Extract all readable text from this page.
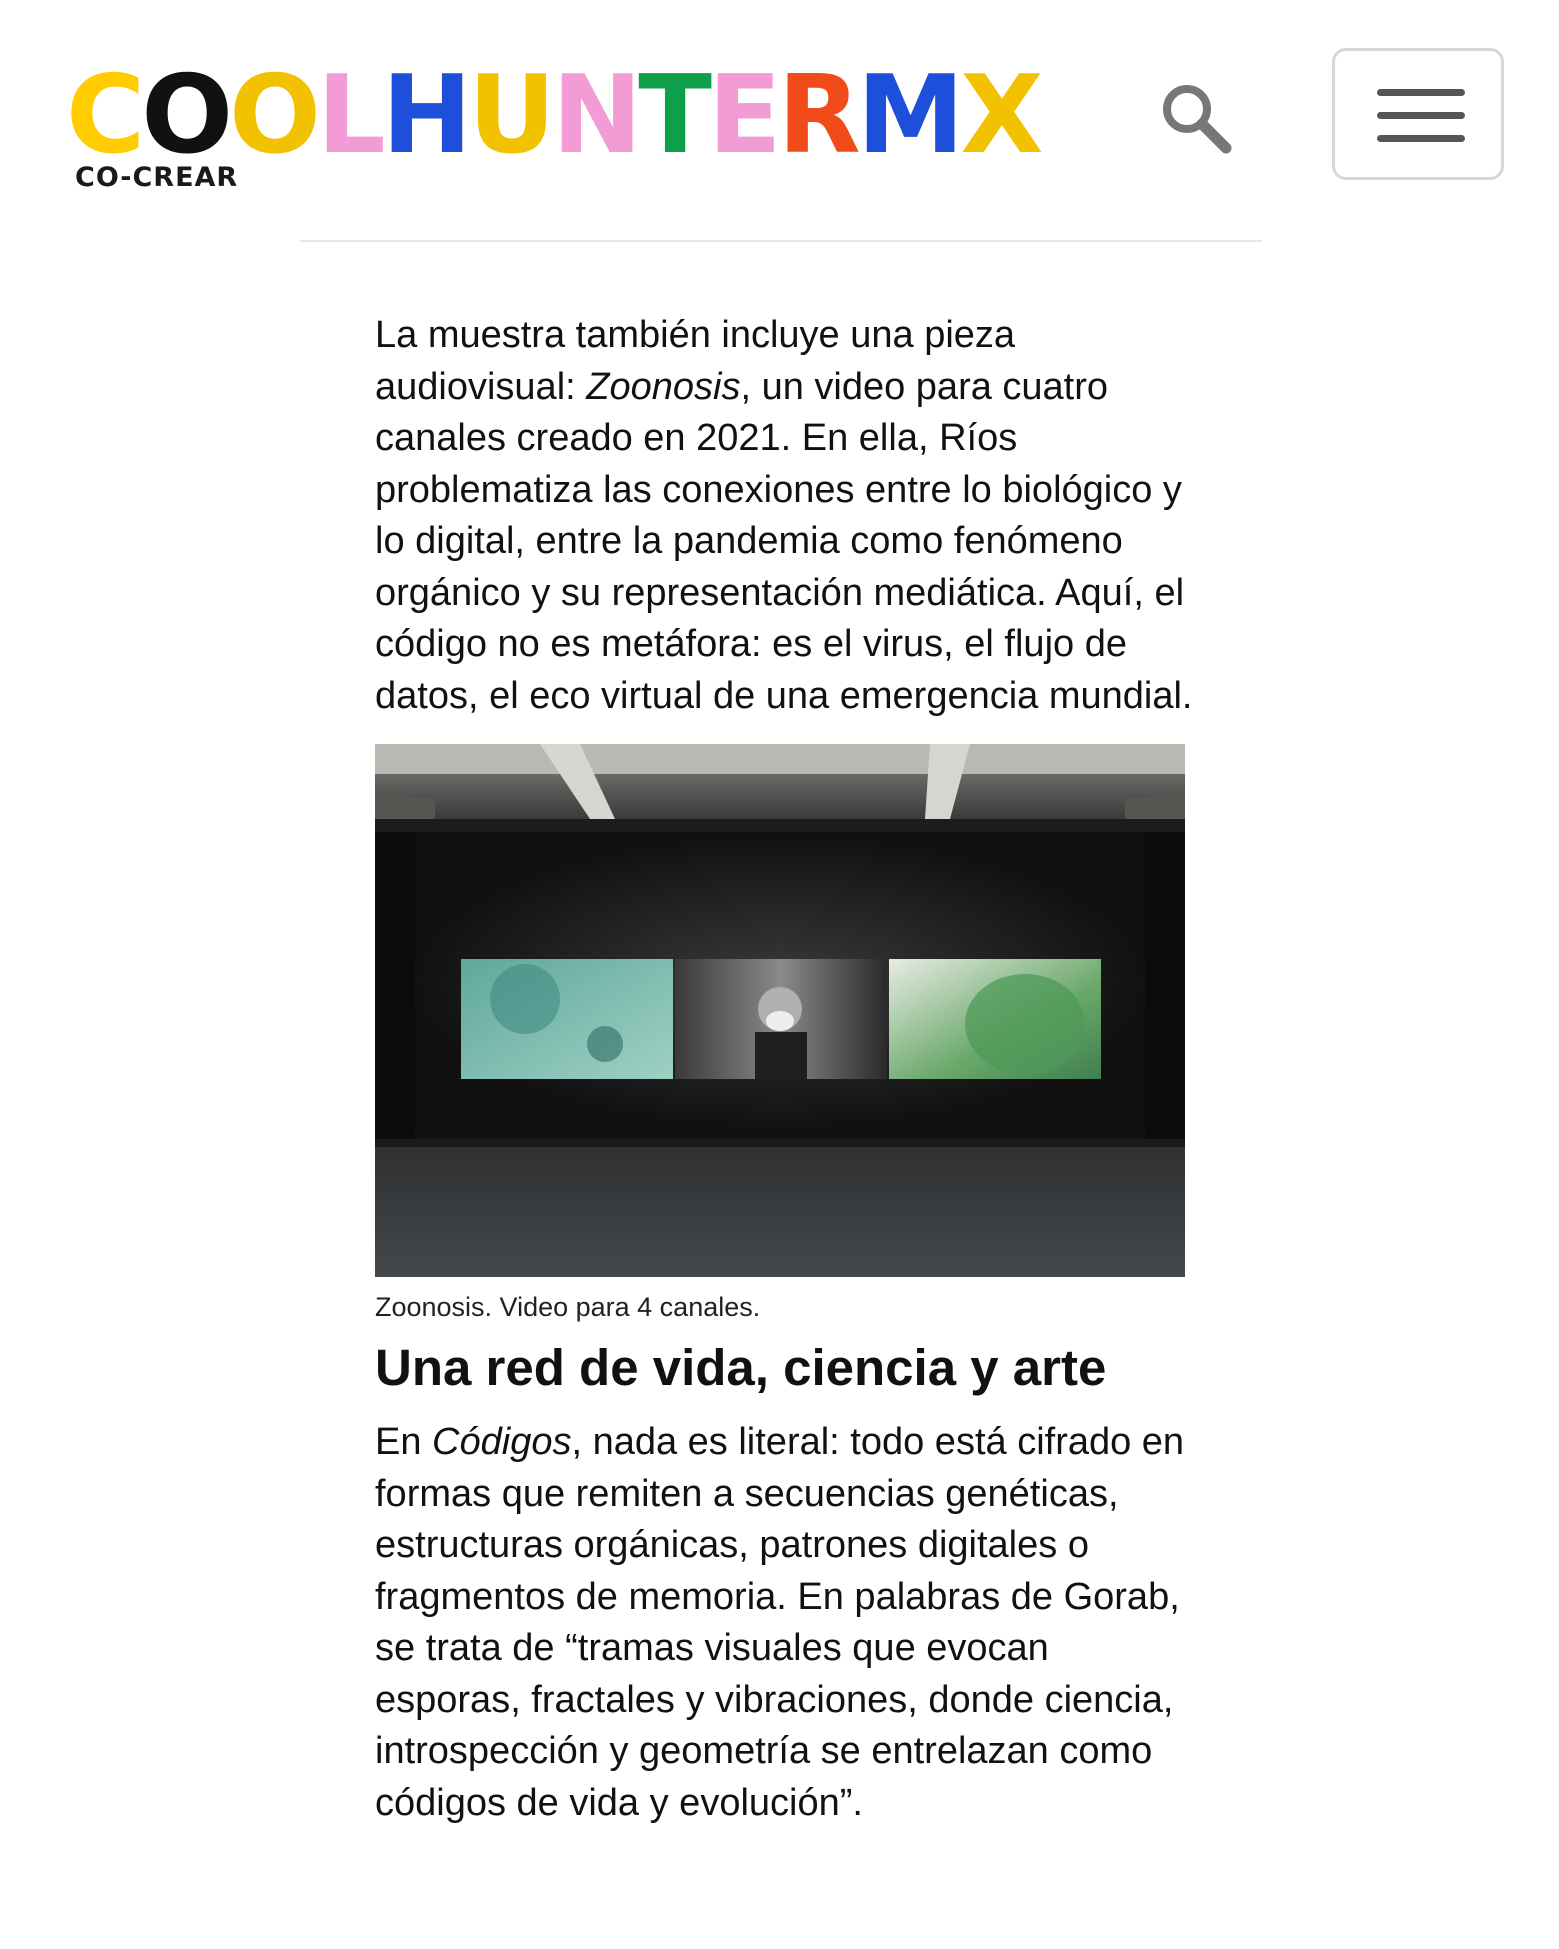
C O O L H U N T E R M X
CO-CREAR

La muestra también incluye una pieza audiovisual: Zoonosis, un video para cuatro canales creado en 2021. En ella, Ríos problematiza las conexiones entre lo biológico y lo digital, entre la pandemia como fenómeno orgánico y su representación mediática. Aquí, el código no es metáfora: es el virus, el flujo de datos, el eco virtual de una emergencia mundial.

Zoonosis. Video para 4 canales.
Una red de vida, ciencia y arte

En Códigos, nada es literal: todo está cifrado en formas que remiten a secuencias genéticas, estructuras orgánicas, patrones digitales o fragmentos de memoria. En palabras de Gorab, se trata de “tramas visuales que evocan esporas, fractales y vibraciones, donde ciencia, introspección y geometría se entrelazan como códigos de vida y evolución”.
